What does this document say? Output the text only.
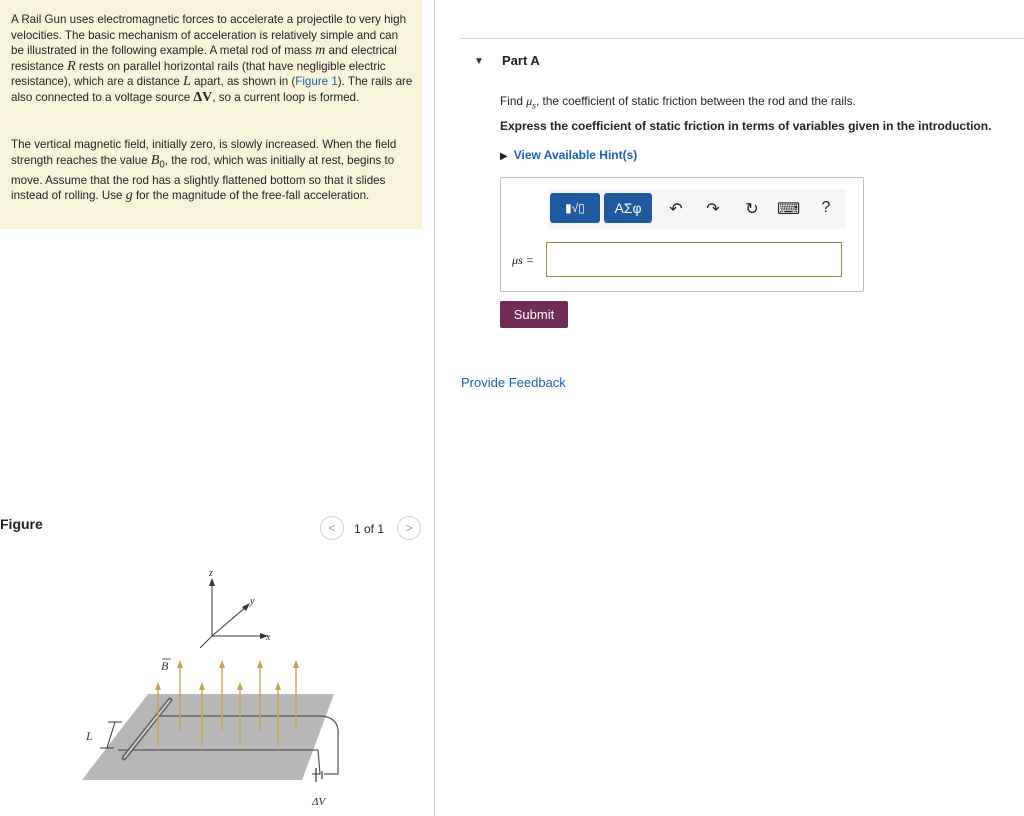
A Rail Gun uses electromagnetic forces to accelerate a projectile to very high velocities. The basic mechanism of acceleration is relatively simple and can be illustrated in the following example. A metal rod of mass m and electrical resistance R rests on parallel horizontal rails (that have negligible electric resistance), which are a distance L apart, as shown in (Figure 1). The rails are also connected to a voltage source ΔV, so a current loop is formed.

The vertical magnetic field, initially zero, is slowly increased. When the field strength reaches the value $B_0$, the rod, which was initially at rest, begins to move. Assume that the rod has a slightly flattened bottom so that it slides instead of rolling. Use g for the magnitude of the free-fall acceleration.

▼ Part A
Find $\mu_s$, the coefficient of static friction between the rod and the rails.
Express the coefficient of static friction in terms of variables given in the introduction.
▶ View Available Hint(s)
▮√▯	ΑΣφ	↶ ↷ ↻ ⌨	?
μs =
Submit
Provide Feedback
Figure	<	1 of 1	>
z
y
x
ΔV
L
B
